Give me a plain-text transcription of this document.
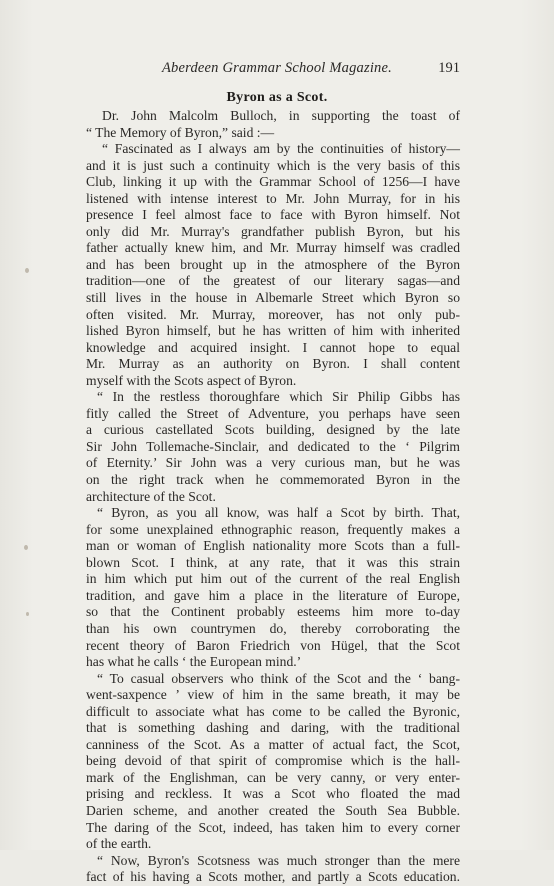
Aberdeen Grammar School Magazine.	191
Byron as a Scot.
Dr. John Malcolm Bulloch, in supporting the toast of
“ The Memory of Byron,” said :—
“ Fascinated as I always am by the continuities of history—
and it is just such a continuity which is the very basis of this
Club, linking it up with the Grammar School of 1256—I have
listened with intense interest to Mr. John Murray, for in his
presence I feel almost face to face with Byron himself. Not
only did Mr. Murray's grandfather publish Byron, but his
father actually knew him, and Mr. Murray himself was cradled
and has been brought up in the atmosphere of the Byron
tradition—one of the greatest of our literary sagas—and
still lives in the house in Albemarle Street which Byron so
often visited. Mr. Murray, moreover, has not only pub-
lished Byron himself, but he has written of him with inherited
knowledge and acquired insight. I cannot hope to equal
Mr. Murray as an authority on Byron. I shall content
myself with the Scots aspect of Byron.
“ In the restless thoroughfare which Sir Philip Gibbs has
fitly called the Street of Adventure, you perhaps have seen
a curious castellated Scots building, designed by the late
Sir John Tollemache-Sinclair, and dedicated to the ‘ Pilgrim
of Eternity.’ Sir John was a very curious man, but he was
on the right track when he commemorated Byron in the
architecture of the Scot.
“ Byron, as you all know, was half a Scot by birth. That,
for some unexplained ethnographic reason, frequently makes a
man or woman of English nationality more Scots than a full-
blown Scot. I think, at any rate, that it was this strain
in him which put him out of the current of the real English
tradition, and gave him a place in the literature of Europe,
so that the Continent probably esteems him more to-day
than his own countrymen do, thereby corroborating the
recent theory of Baron Friedrich von Hügel, that the Scot
has what he calls ‘ the European mind.’
“ To casual observers who think of the Scot and the ‘ bang-
went-saxpence ’ view of him in the same breath, it may be
difficult to associate what has come to be called the Byronic,
that is something dashing and daring, with the traditional
canniness of the Scot. As a matter of actual fact, the Scot,
being devoid of that spirit of compromise which is the hall-
mark of the Englishman, can be very canny, or very enter-
prising and reckless. It was a Scot who floated the mad
Darien scheme, and another created the South Sea Bubble.
The daring of the Scot, indeed, has taken him to every corner
of the earth.
“ Now, Byron's Scotsness was much stronger than the mere
fact of his having a Scots mother, and partly a Scots education.
